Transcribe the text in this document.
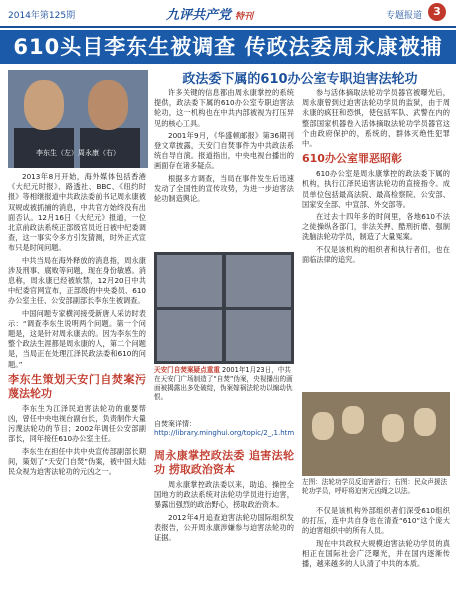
2014年第125期	九评共产党 特刊	专题报道	3
610头目李东生被调查 传政法委周永康被捕
李东生（左）周永康（右）
政法委下属的610办公室专职迫害法轮功

2013年8月开始，海外媒体包括香港《大纪元时报》、路透社、BBC、《纽约时报》等相继报道中共政法委前书记周永康被双规或被抓捕的消息，中共官方始终没有出面否认。12月16日《大纪元》报道，一位北京前政法系统正部级官员近日被中纪委调查，这一事实令多方引发猜测，时外正式宣布只是时间问题。

中共当局在海外释放的消息指，周永康涉及刑事、腐败等问题，现在身份敏感。消息称，周永康已经被软禁，12月20日中共中纪委官网宣布，正部级的中央委员、610办公室主任、公安部副部长李东生被调查。

中国问题专家横河接受新唐人采访时表示：“调查李东生说明两个问题。第一个问题是，这是针对周永康去的。因为李东生的整个政法生涯都是周永康的人，第二个问题是，当局正在处理江泽民政法委和610的问题。”

李东生策划天安门自焚案污蔑法轮功

李东生为江泽民迫害法轮功的重要帮凶，曾任中央电视台副台长，负责制作大量污蔑法轮功的节目；2002年调任公安部副部长，同年接任610办公室主任。

李东生在担任中共中央宣传部副部长期间，策划了“天安门自焚”伪案，被中国大陆民众视为迫害法轮功的元凶之一。

许多关键的信息都由周永康掌控的系统提供，政法委下属的610办公室专职迫害法轮功，这一机构也在中共内部被视为打压异见的核心工具。

2001年9月，《华盛顿邮报》第36期刊登文章披露，天安门自焚事件为中共政法系统自导自演。报道指出，中央电视台播出的画面存在诸多疑点。

根据多方调查，当局在事件发生后迅速发动了全国性的宣传攻势，为进一步迫害法轮功制造舆论。

天安门自焚案疑点重重 2001年1月23日，中共在天安门广场制造了“自焚”伪案，央视播出的画面被揭露出多处破绽，伪案嫁祸法轮功以煽动仇恨。
自焚案详情：
http://library.minghui.org/topic/2_,1.htm
周永康掌控政法委 追害法轮功 捞取政治资本

周永康掌控政法委以来，助追、操控全国地方的政法系统对法轮功学员进行迫害，暴露出强烈的政治野心，捞取政治资本。

2012年4月追查迫害法轮功国际组织发表报告，公开周永康涉嫌参与迫害法轮功的证据。

参与活体摘取法轮功学员器官被曝光后，周永康曾到过迫害法轮功学员的监狱，由于周永康的疯狂和恐惧，使包括军队、武警在内的整部国家机器卷入活体摘取法轮功学员器官这个由政府保护的，系统的，群体灭绝性犯罪中。

610办公室罪恶昭彰

610办公室是周永康掌控的政法委下属的机构，执行江泽民追害法轮功的直接指令。成员单位包括最高法院、最高检察院、公安部、国家安全部、中宣部、外交部等。

在过去十四年多的时间里，各地610不法之徒操纵各部门，非法关押、酷刑折磨、强制洗脑法轮功学员，制造了大量冤案。

不仅是该机构的组织者和执行者们，也在面临法律的追究。

左图：法轮功学员反迫害游行；右图：民众声援法轮功学员，呼吁将迫害元凶绳之以法。

不仅是该机构外部组织者们深受610组织的打压，连中共自身也在清查“610”这个庞大的迫害组织中的所有人员。

现在中共政权大规模迫害法轮功学员的真相正在国际社会广泛曝光，并在国内逐渐传播，越来越多的人认清了中共的本质。
